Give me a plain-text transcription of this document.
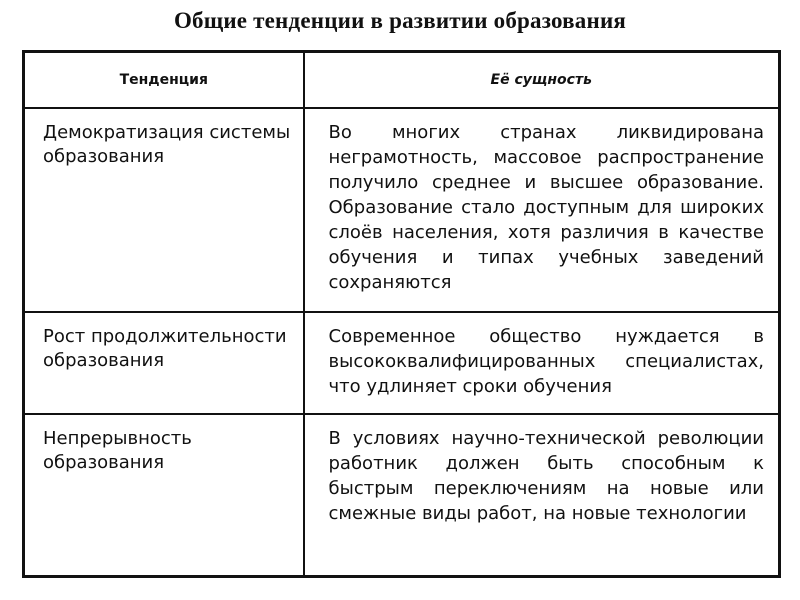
Общие тенденции в развитии образования
Тенденция	Её сущность
Демократизация системы образования	Во многих странах ликвидирована неграмотность, массовое распространение получило среднее и высшее образование. Образование стало доступным для широких слоёв населения, хотя различия в качестве обучения и типах учебных заведений сохраняются
Рост продолжительности образования	Современное общество нуждается в высококвалифицированных специалистах, что удлиняет сроки обучения
Непрерывность образования	В условиях научно-технической революции работник должен быть способным к быстрым переключениям на новые или смежные виды работ, на новые технологии
